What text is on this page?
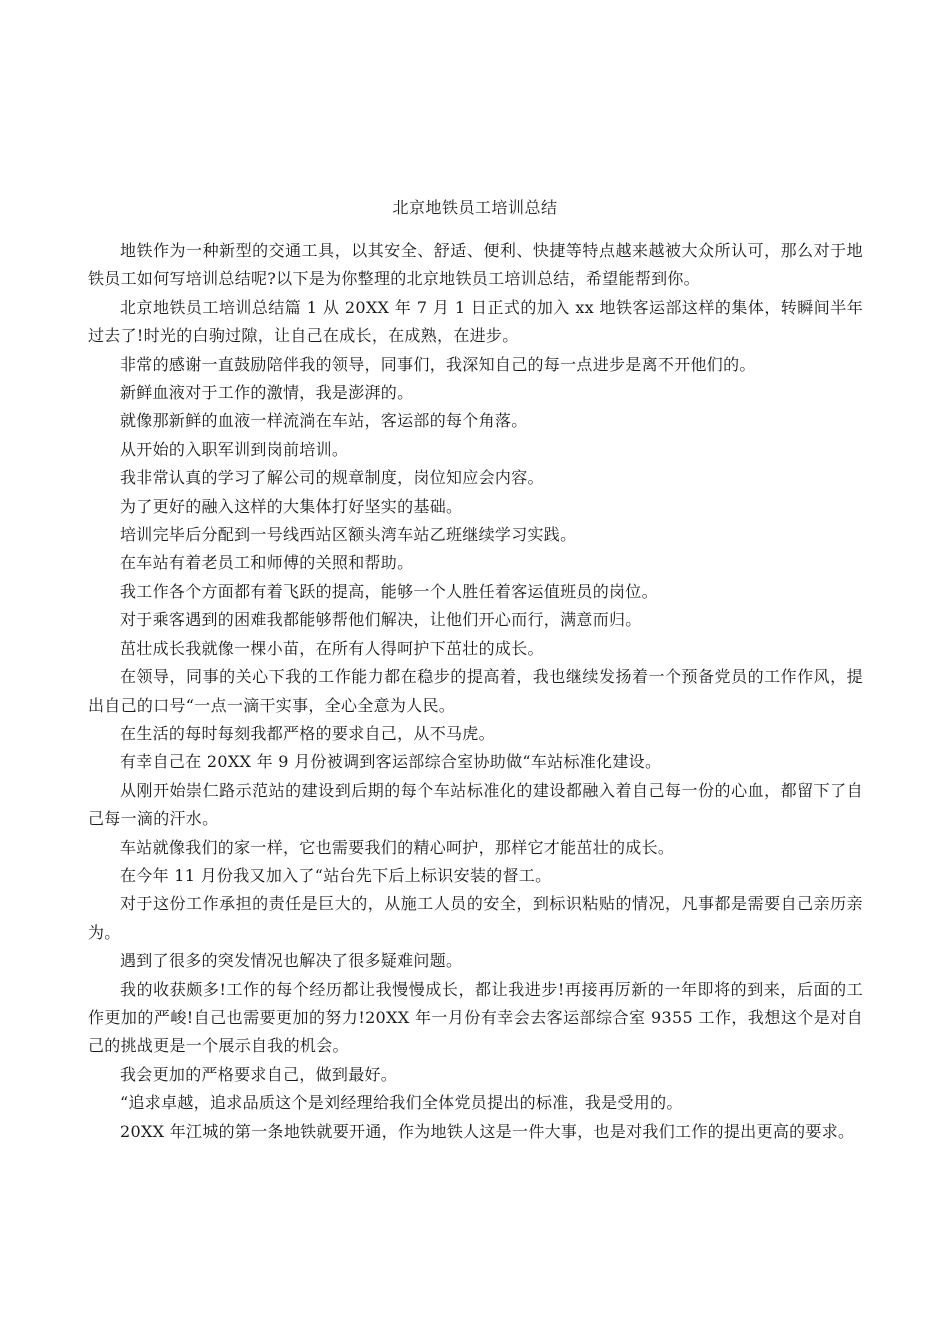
北京地铁员工培训总结

地铁作为一种新型的交通工具，以其安全、舒适、便利、快捷等特点越来越被大众所认可，那么对于地铁员工如何写培训总结呢?以下是为你整理的北京地铁员工培训总结，希望能帮到你。

北京地铁员工培训总结篇 1 从 20XX 年 7 月 1 日正式的加入 xx 地铁客运部这样的集体，转瞬间半年过去了!时光的白驹过隙，让自己在成长，在成熟，在进步。

非常的感谢一直鼓励陪伴我的领导，同事们，我深知自己的每一点进步是离不开他们的。

新鲜血液对于工作的激情，我是澎湃的。

就像那新鲜的血液一样流淌在车站，客运部的每个角落。

从开始的入职军训到岗前培训。

我非常认真的学习了解公司的规章制度，岗位知应会内容。

为了更好的融入这样的大集体打好坚实的基础。

培训完毕后分配到一号线西站区额头湾车站乙班继续学习实践。

在车站有着老员工和师傅的关照和帮助。

我工作各个方面都有着飞跃的提高，能够一个人胜任着客运值班员的岗位。

对于乘客遇到的困难我都能够帮他们解决，让他们开心而行，满意而归。

茁壮成长我就像一棵小苗，在所有人得呵护下茁壮的成长。

在领导，同事的关心下我的工作能力都在稳步的提高着，我也继续发扬着一个预备党员的工作作风，提出自己的口号“一点一滴干实事，全心全意为人民。

在生活的每时每刻我都严格的要求自己，从不马虎。

有幸自己在 20XX 年 9 月份被调到客运部综合室协助做“车站标准化建设。

从刚开始崇仁路示范站的建设到后期的每个车站标准化的建设都融入着自己每一份的心血，都留下了自己每一滴的汗水。

车站就像我们的家一样，它也需要我们的精心呵护，那样它才能茁壮的成长。

在今年 11 月份我又加入了“站台先下后上标识安装的督工。

对于这份工作承担的责任是巨大的，从施工人员的安全，到标识粘贴的情况，凡事都是需要自己亲历亲为。

遇到了很多的突发情况也解决了很多疑难问题。

我的收获颇多!工作的每个经历都让我慢慢成长，都让我进步!再接再厉新的一年即将的到来，后面的工作更加的严峻!自己也需要更加的努力!20XX 年一月份有幸会去客运部综合室 9355 工作，我想这个是对自己的挑战更是一个展示自我的机会。

我会更加的严格要求自己，做到最好。

“追求卓越，追求品质这个是刘经理给我们全体党员提出的标准，我是受用的。

20XX 年江城的第一条地铁就要开通，作为地铁人这是一件大事，也是对我们工作的提出更高的要求。
